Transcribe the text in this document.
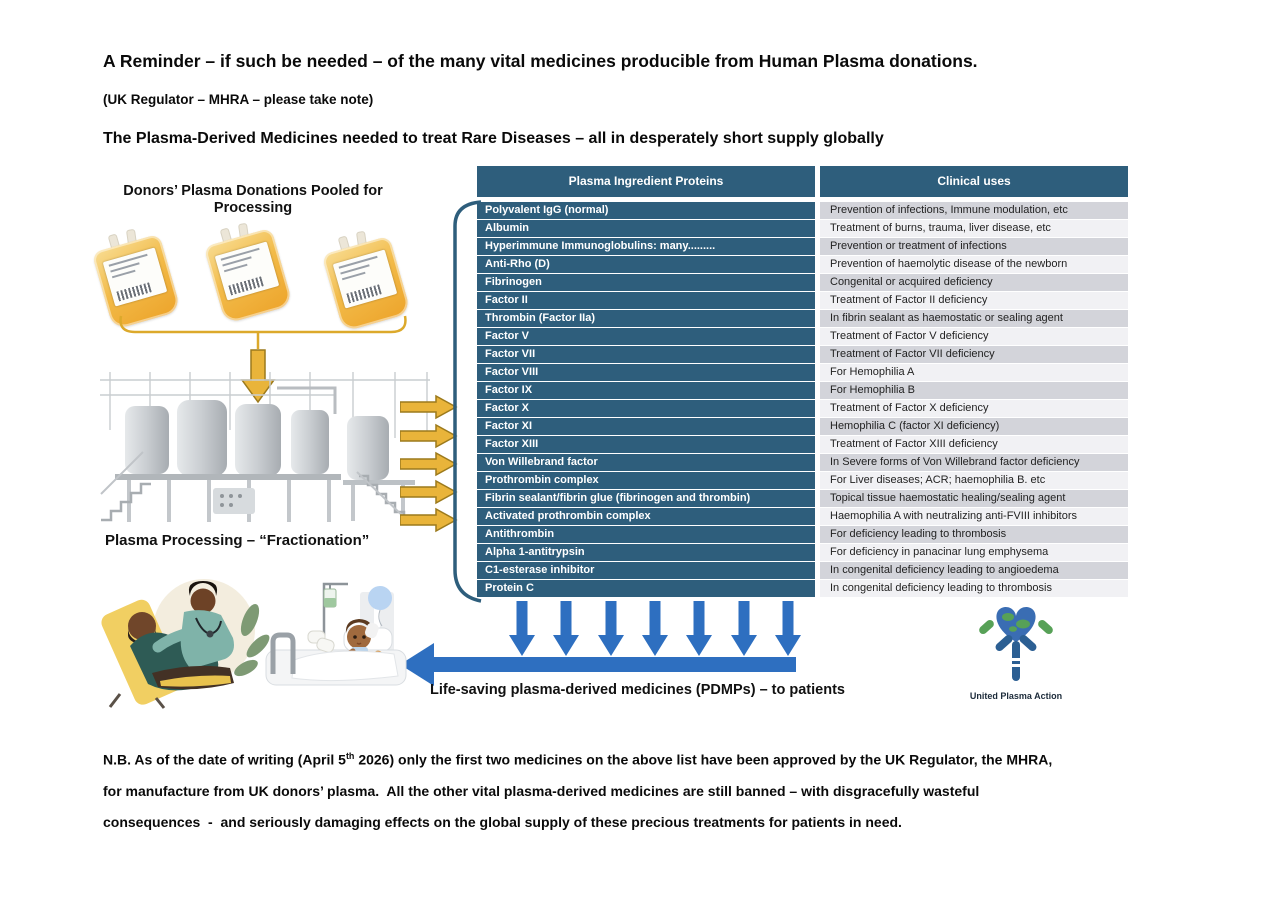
A Reminder – if such be needed – of the many vital medicines producible from Human Plasma donations.
(UK Regulator – MHRA – please take note)
The Plasma-Derived Medicines needed to treat Rare Diseases – all in desperately short supply globally
Donors’ Plasma Donations Pooled for Processing
Plasma Processing – “Fractionation”
Plasma Ingredient Proteins	Clinical uses
Polyvalent IgG (normal)	Prevention of infections, Immune modulation, etc
Albumin	Treatment of burns, trauma, liver disease, etc
Hyperimmune Immunoglobulins: many.........	Prevention or treatment of infections
Anti-Rho (D)	Prevention of haemolytic disease of the newborn
Fibrinogen	Congenital or acquired deficiency
Factor II	Treatment of Factor II deficiency
Thrombin (Factor IIa)	In fibrin sealant as haemostatic or sealing agent
Factor V	Treatment of Factor V deficiency
Factor VII	Treatment of Factor VII deficiency
Factor VIII	For Hemophilia A
Factor IX	For Hemophilia B
Factor X	Treatment of Factor X deficiency
Factor XI	Hemophilia C (factor XI deficiency)
Factor XIII	Treatment of Factor XIII deficiency
Von Willebrand factor	In Severe forms of Von Willebrand factor deficiency
Prothrombin complex	For Liver diseases; ACR; haemophilia B. etc
Fibrin sealant/fibrin glue (fibrinogen and thrombin)	Topical tissue haemostatic healing/sealing agent
Activated prothrombin complex	Haemophilia A with neutralizing anti-FVIII inhibitors
Antithrombin	For deficiency leading to thrombosis
Alpha 1-antitrypsin	For deficiency in panacinar lung emphysema
C1-esterase inhibitor	In congenital deficiency leading to angioedema
Protein C	In congenital deficiency leading to thrombosis
Life-saving plasma-derived medicines (PDMPs) – to patients	United Plasma Action
N.B. As of the date of writing (April 5th 2026) only the first two medicines on the above list have been approved by the UK Regulator, the MHRA,
for manufacture from UK donors’ plasma.  All the other vital plasma-derived medicines are still banned – with disgracefully wasteful
consequences  -  and seriously damaging effects on the global supply of these precious treatments for patients in need.
